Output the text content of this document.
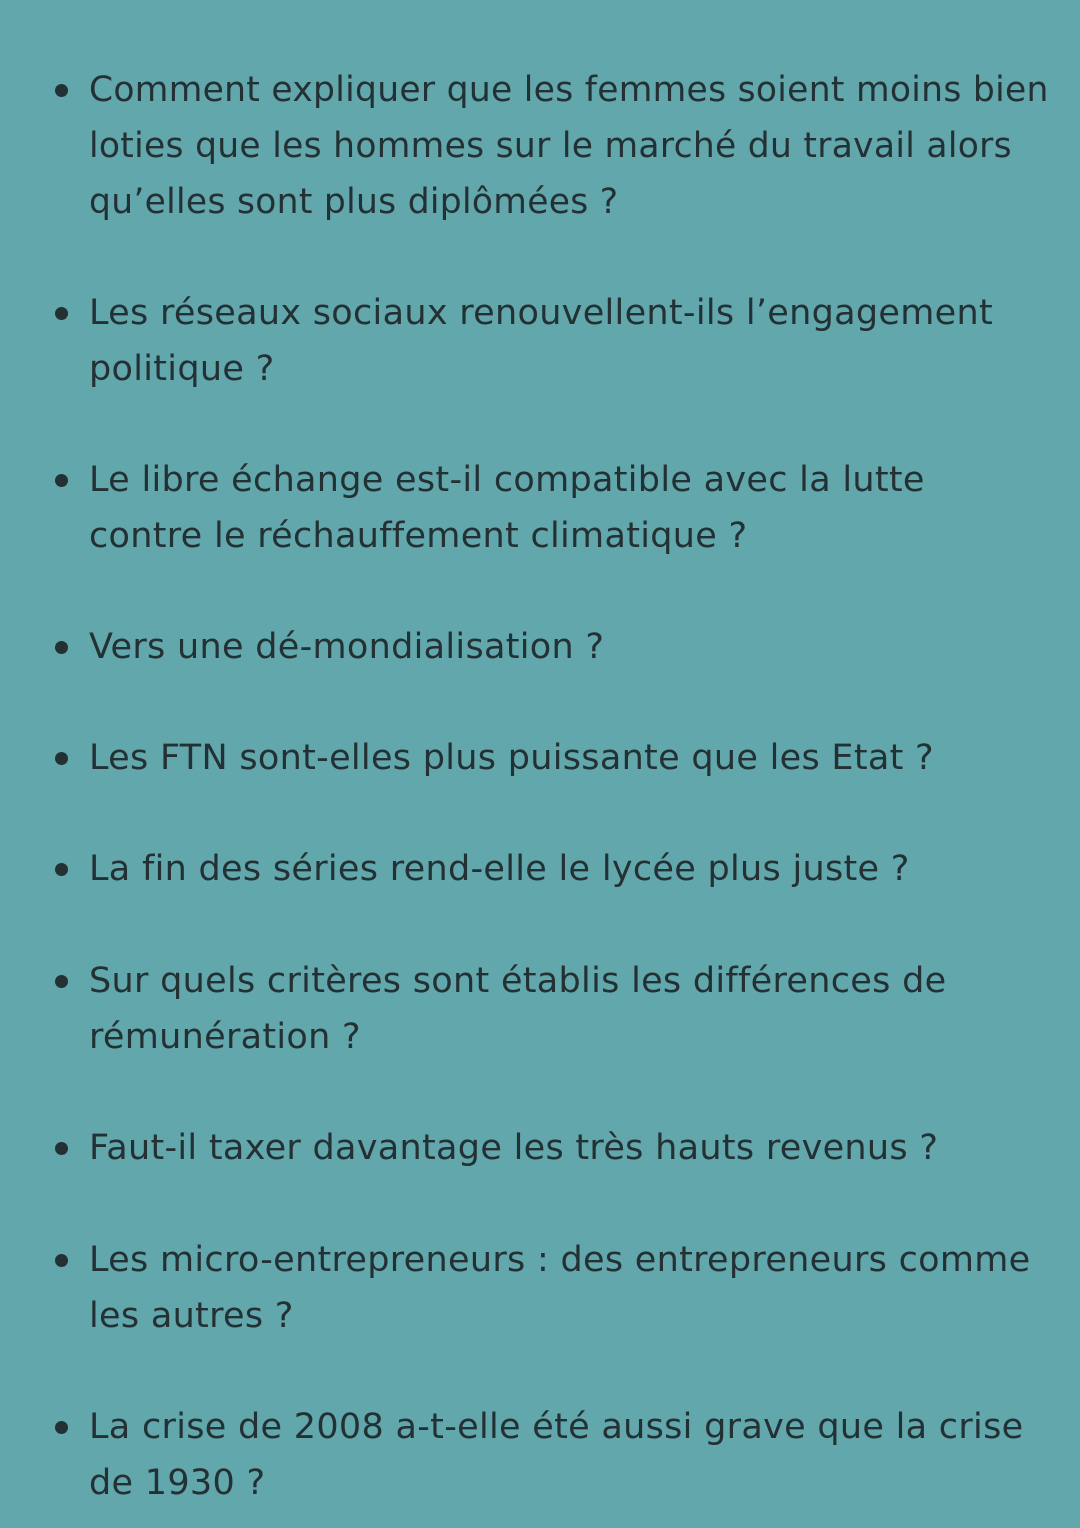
Comment expliquer que les femmes soient moins bien
loties que les hommes sur le marché du travail alors
qu’elles sont plus diplômées ?

Les réseaux sociaux renouvellent-ils l’engagement
politique ?

Le libre échange est-il compatible avec la lutte
contre le réchauffement climatique ?

Vers une dé-mondialisation ?

Les FTN sont-elles plus puissante que les Etat ?

La fin des séries rend-elle le lycée plus juste ?

Sur quels critères sont établis les différences de
rémunération ?

Faut-il taxer davantage les très hauts revenus ?

Les micro-entrepreneurs : des entrepreneurs comme
les autres ?

La crise de 2008 a-t-elle été aussi grave que la crise
de 1930 ?
